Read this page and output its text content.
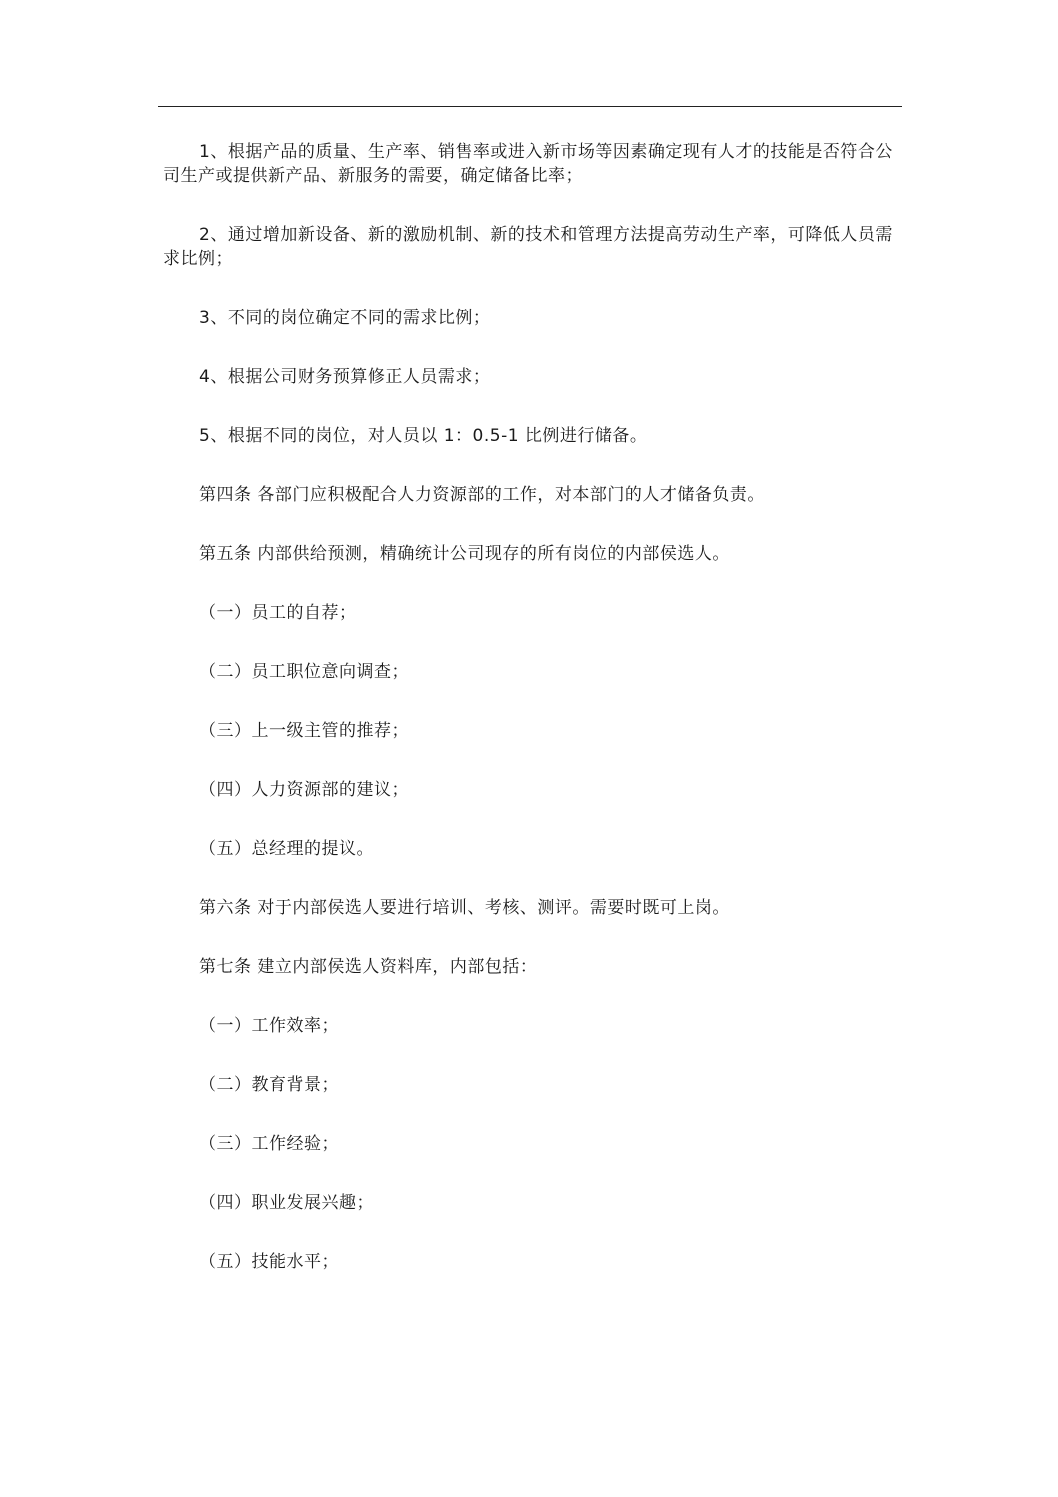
1、根据产品的质量、生产率、销售率或进入新市场等因素确定现有人才的技能是否符合公司生产或提供新产品、新服务的需要，确定储备比率；

2、通过增加新设备、新的激励机制、新的技术和管理方法提高劳动生产率，可降低人员需求比例；

3、不同的岗位确定不同的需求比例；

4、根据公司财务预算修正人员需求；

5、根据不同的岗位，对人员以 1：0.5-1 比例进行储备。

第四条 各部门应积极配合人力资源部的工作，对本部门的人才储备负责。

第五条 内部供给预测，精确统计公司现存的所有岗位的内部侯选人。

（一）员工的自荐；

（二）员工职位意向调查；

（三）上一级主管的推荐；

（四）人力资源部的建议；

（五）总经理的提议。

第六条 对于内部侯选人要进行培训、考核、测评。需要时既可上岗。

第七条 建立内部侯选人资料库，内部包括：

（一）工作效率；

（二）教育背景；

（三）工作经验；

（四）职业发展兴趣；

（五）技能水平；
